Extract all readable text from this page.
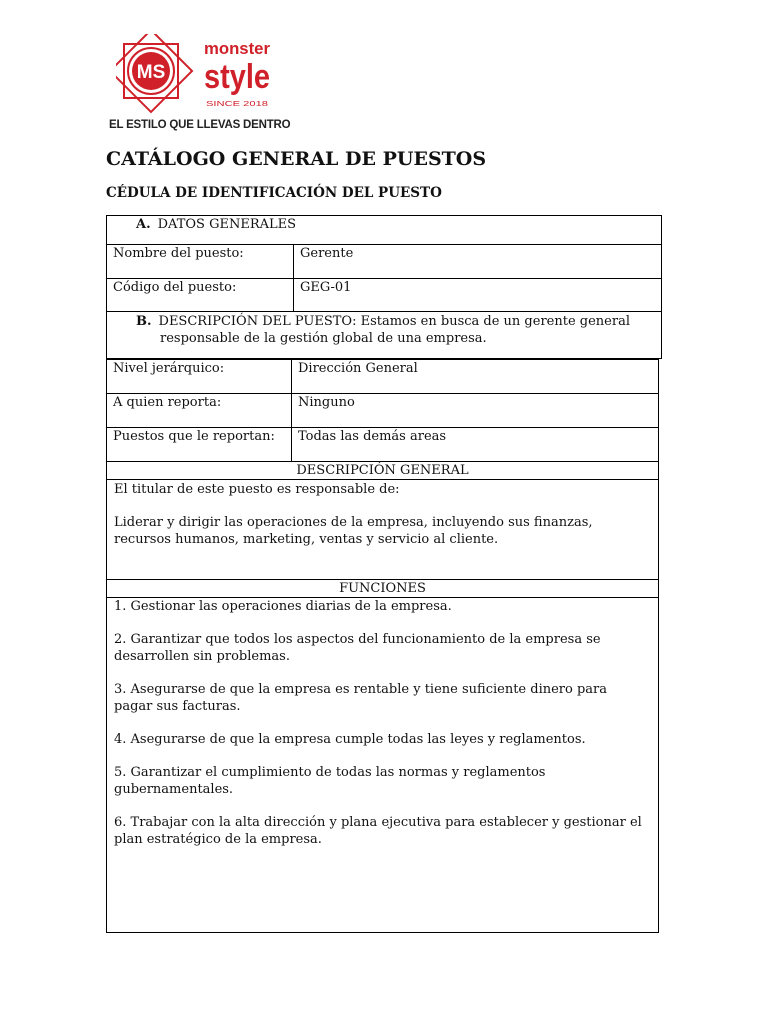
MS
monster
style
SINCE 2018
EL ESTILO QUE LLEVAS DENTRO
CATÁLOGO GENERAL DE PUESTOS
CÉDULA DE IDENTIFICACIÓN DEL PUESTO
A. DATOS GENERALES
Nombre del puesto:	Gerente
Código del puesto:	GEG-01
B. DESCRIPCIÓN DEL PUESTO: Estamos en busca de un gerente general
responsable de la gestión global de una empresa.
Nivel jerárquico:	Dirección General
A quien reporta:	Ninguno
Puestos que le reportan: Todas las demás areas
DESCRIPCIÓN GENERAL

El titular de este puesto es responsable de:

Liderar y dirigir las operaciones de la empresa, incluyendo sus finanzas,

recursos humanos, marketing, ventas y servicio al cliente.

FUNCIONES

1. Gestionar las operaciones diarias de la empresa.

2. Garantizar que todos los aspectos del funcionamiento de la empresa se

desarrollen sin problemas.

3. Asegurarse de que la empresa es rentable y tiene suficiente dinero para

pagar sus facturas.

4. Asegurarse de que la empresa cumple todas las leyes y reglamentos.

5. Garantizar el cumplimiento de todas las normas y reglamentos

gubernamentales.

6. Trabajar con la alta dirección y plana ejecutiva para establecer y gestionar el

plan estratégico de la empresa.
